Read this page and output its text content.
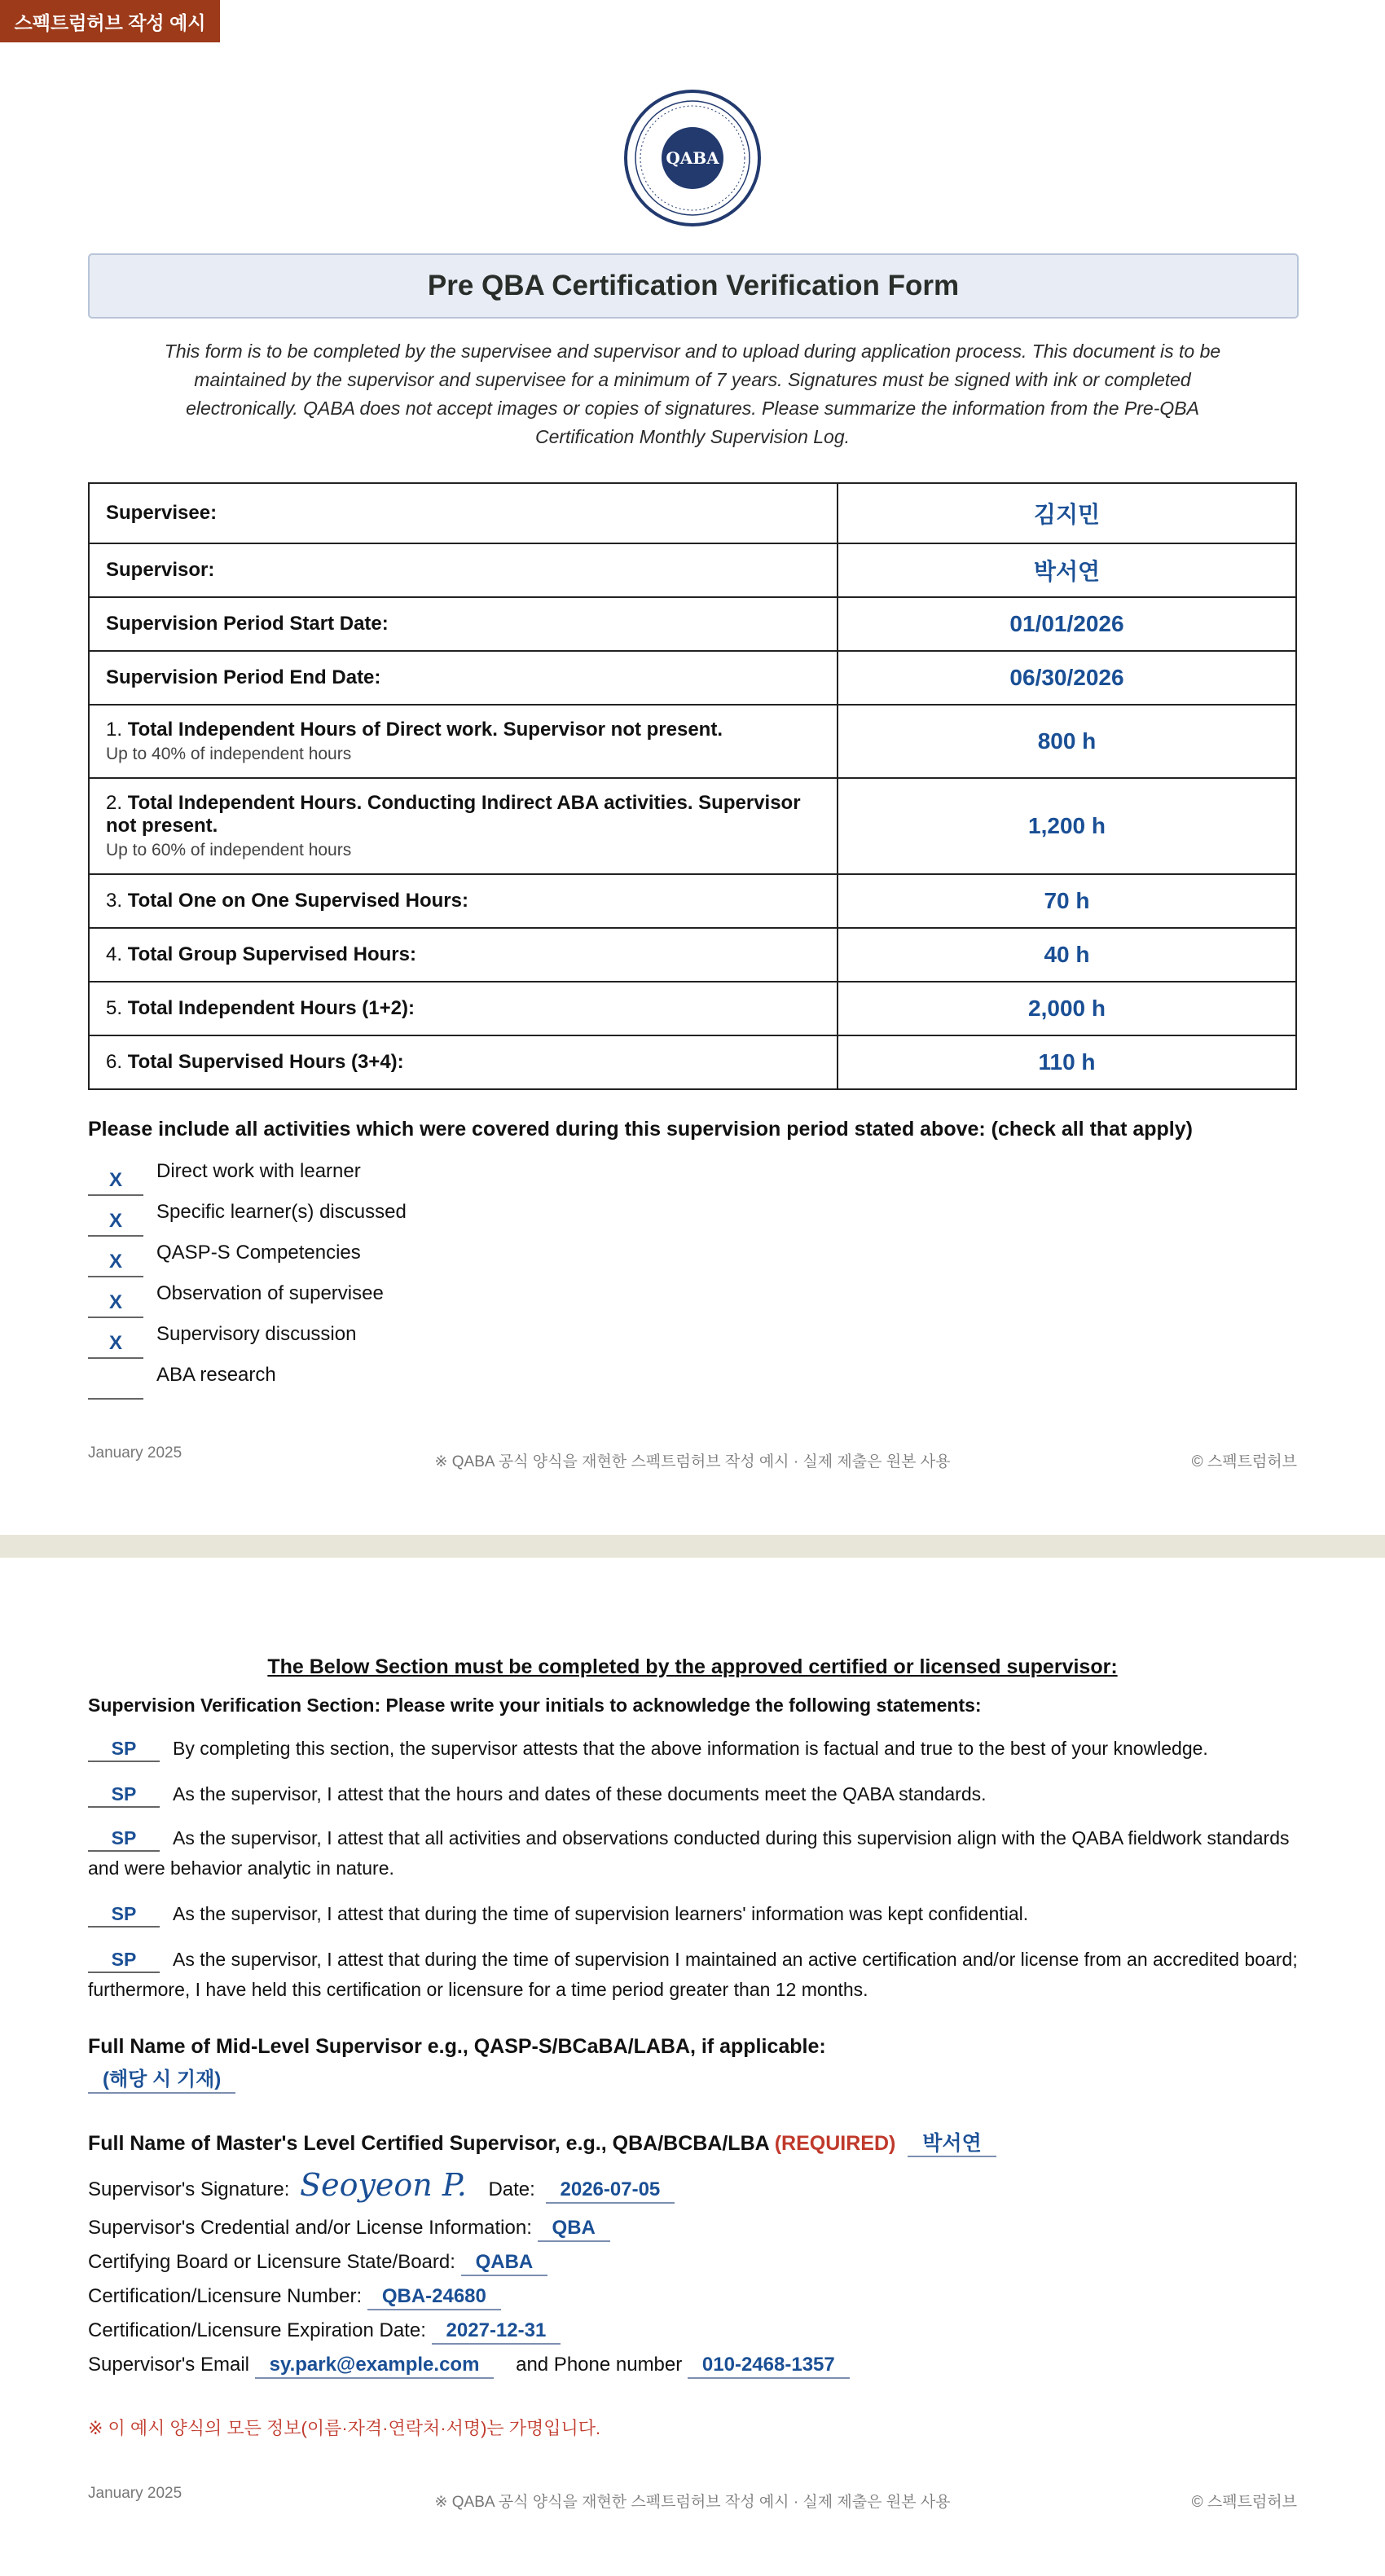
스펙트럼허브 작성 예시
QABA
Pre QBA Certification Verification Form

This form is to be completed by the supervisee and supervisor and to upload during application process. This document is to be maintained by the supervisor and supervisee for a minimum of 7 years. Signatures must be signed with ink or completed electronically. QABA does not accept images or copies of signatures. Please summarize the information from the Pre-QBA Certification Monthly Supervision Log.

Supervisee:	김지민
Supervisor:	박서연
Supervision Period Start Date:	01/01/2026
Supervision Period End Date:	06/30/2026
1. Total Independent Hours of Direct work. Supervisor not present.
Up to 40% of independent hours	800 h
2. Total Independent Hours. Conducting Indirect ABA activities. Supervisor not present.
Up to 60% of independent hours	1,200 h
3. Total One on One Supervised Hours:	70 h
4. Total Group Supervised Hours:	40 h
5. Total Independent Hours (1+2):	2,000 h
6. Total Supervised Hours (3+4):	110 h

Please include all activities which were covered during this supervision period stated above: (check all that apply)

X	Direct work with learner
X	Specific learner(s) discussed
X	QASP-S Competencies
X	Observation of supervisee
X	Supervisory discussion
ABA research
January 2025
※ QABA 공식 양식을 재현한 스펙트럼허브 작성 예시 · 실제 제출은 원본 사용	© 스펙트럼허브

The Below Section must be completed by the approved certified or licensed supervisor:

Supervision Verification Section: Please write your initials to acknowledge the following statements:

SP By completing this section, the supervisor attests that the above information is factual and true to the best of your knowledge.

SP As the supervisor, I attest that the hours and dates of these documents meet the QABA standards.

SP As the supervisor, I attest that all activities and observations conducted during this supervision align with the QABA fieldwork standards and were behavior analytic in nature.

SP As the supervisor, I attest that during the time of supervision learners' information was kept confidential.

SP As the supervisor, I attest that during the time of supervision I maintained an active certification and/or license from an accredited board; furthermore, I have held this certification or licensure for a time period greater than 12 months.

Full Name of Mid-Level Supervisor e.g., QASP-S/BCaBA/LABA, if applicable:

(해당 시 기재)

Full Name of Master's Level Certified Supervisor, e.g., QBA/BCBA/LBA (REQUIRED) 박서연

Supervisor's Signature: Seoyeon P. Date: 2026-07-05

Supervisor's Credential and/or License Information: QBA

Certifying Board or Licensure State/Board: QABA

Certification/Licensure Number: QBA-24680

Certification/Licensure Expiration Date: 2027-12-31

Supervisor's Email sy.park@example.com and Phone number 010-2468-1357

※ 이 예시 양식의 모든 정보(이름·자격·연락처·서명)는 가명입니다.

January 2025
※ QABA 공식 양식을 재현한 스펙트럼허브 작성 예시 · 실제 제출은 원본 사용	© 스펙트럼허브
